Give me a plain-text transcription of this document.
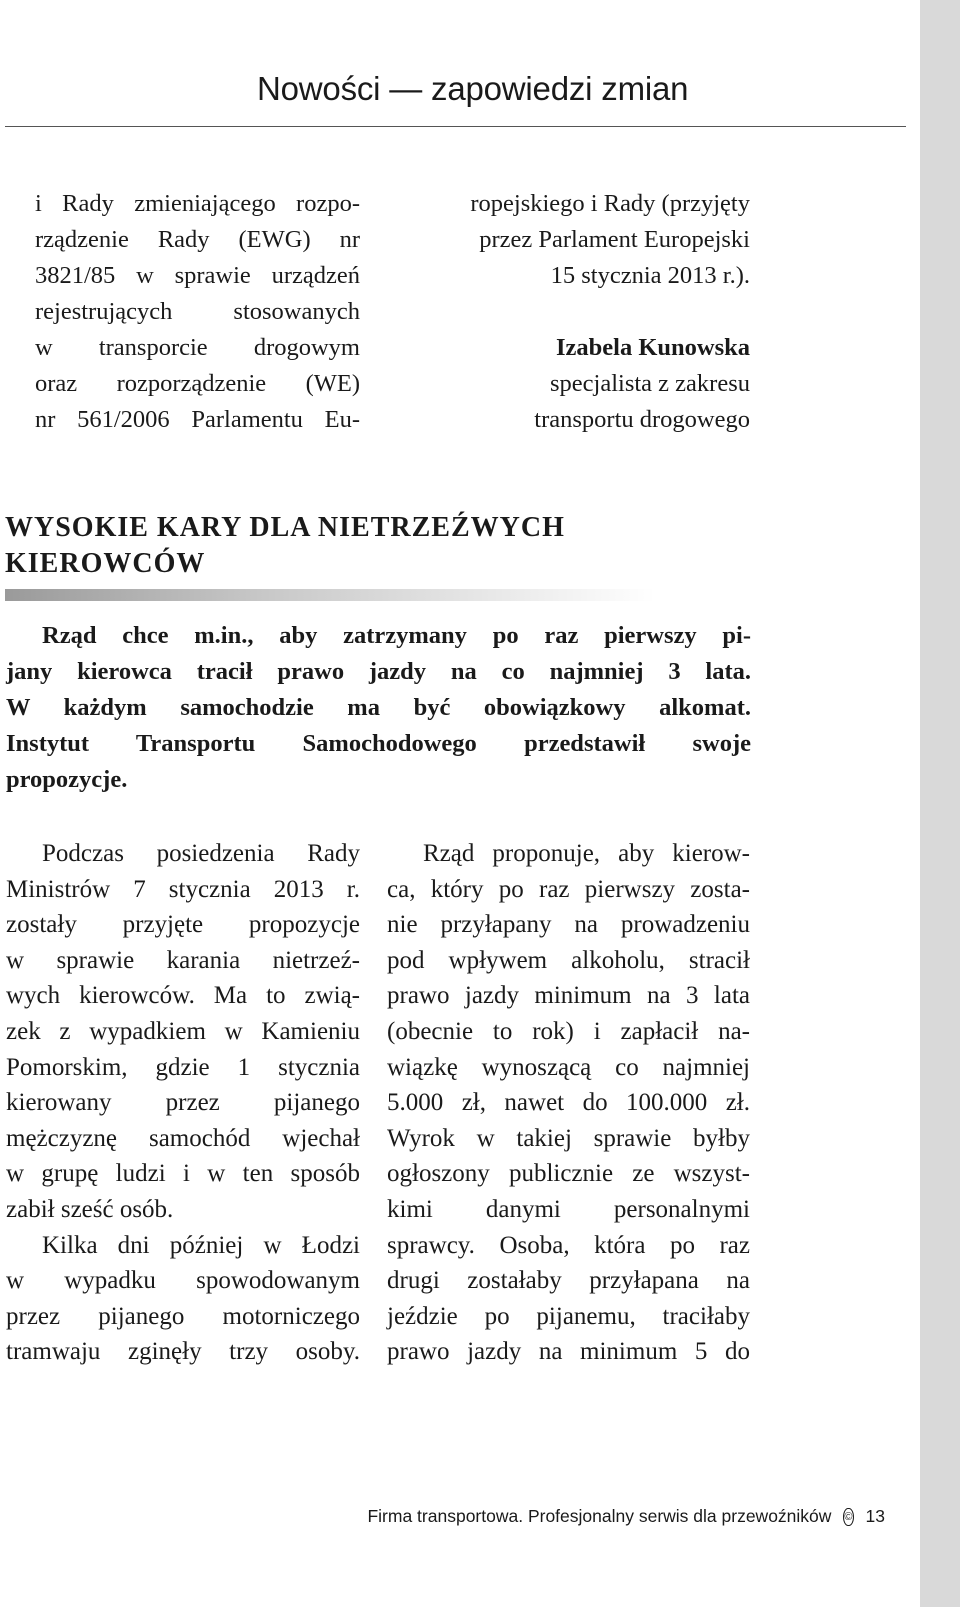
Nowości — zapowiedzi zmian
i Rady zmieniającego rozpo-
rządzenie Rady (EWG) nr
3821/85 w sprawie urządzeń
rejestrujących stosowanych
w transporcie drogowym
oraz rozporządzenie (WE)
nr 561/2006 Parlamentu Eu-
ropejskiego i Rady (przyjęty
przez Parlament Europejski
15 stycznia 2013 r.).
Izabela Kunowska
specjalista z zakresu
transportu drogowego
WYSOKIE KARY DLA NIETRZEŹWYCH
KIEROWCÓW
Rząd chce m.in., aby zatrzymany po raz pierwszy pi-
jany kierowca tracił prawo jazdy na co najmniej 3 lata.
W każdym samochodzie ma być obowiązkowy alkomat.
Instytut Transportu Samochodowego przedstawił swoje
propozycje.
Podczas posiedzenia Rady
Ministrów 7 stycznia 2013 r.
zostały przyjęte propozycje
w sprawie karania nietrzeź-
wych kierowców. Ma to zwią-
zek z wypadkiem w Kamieniu
Pomorskim, gdzie 1 stycznia
kierowany przez pijanego
mężczyznę samochód wjechał
w grupę ludzi i w ten sposób
zabił sześć osób.
Kilka dni później w Łodzi
w wypadku spowodowanym
przez pijanego motorniczego
tramwaju zginęły trzy osoby.
Rząd proponuje, aby kierow-
ca, który po raz pierwszy zosta-
nie przyłapany na prowadzeniu
pod wpływem alkoholu, stracił
prawo jazdy minimum na 3 lata
(obecnie to rok) i zapłacił na-
wiązkę wynoszącą co najmniej
5.000 zł, nawet do 100.000 zł.
Wyrok w takiej sprawie byłby
ogłoszony publicznie ze wszyst-
kimi danymi personalnymi
sprawcy. Osoba, która po raz
drugi zostałaby przyłapana na
jeździe po pijanemu, traciłaby
prawo jazdy na minimum 5 do
Firma transportowa. Profesjonalny serwis dla przewoźników © 13
